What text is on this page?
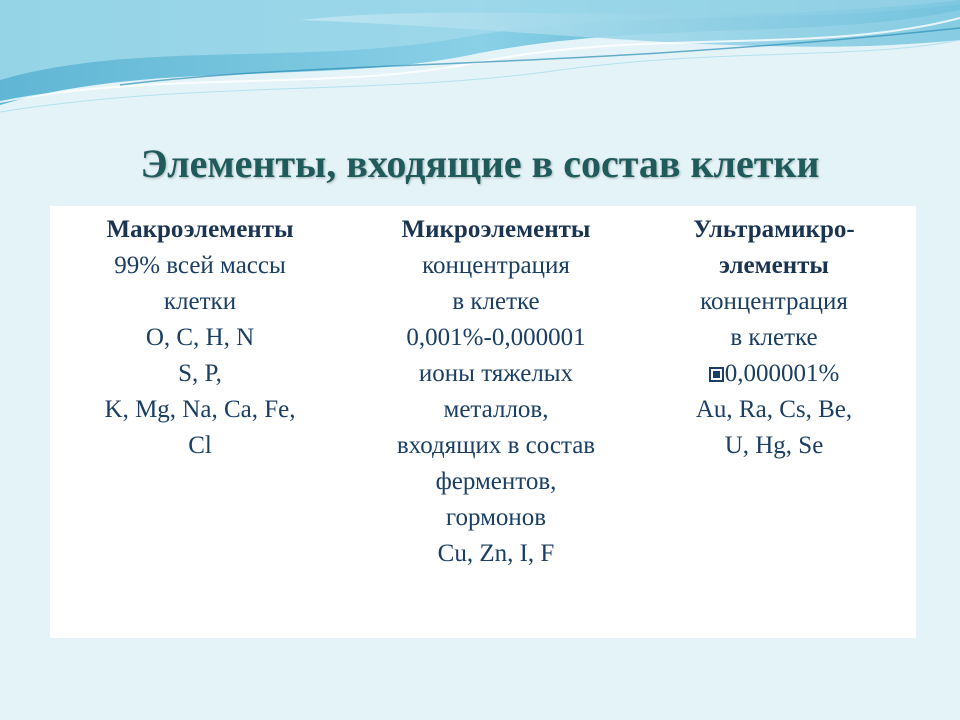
Элементы, входящие в состав клетки
Макроэлементы
99% всей массы
клетки
O, C, H, N
S, P,
K, Mg, Na, Ca, Fe,
Cl
Микроэлементы
концентрация
в клетке
0,001%-0,000001
ионы тяжелых
металлов,
входящих в состав
ферментов,
гормонов
Cu, Zn, I, F
Ультрамикро-
элементы
концентрация
в клетке
0,000001%
Au, Ra, Cs, Be,
U, Hg, Se
